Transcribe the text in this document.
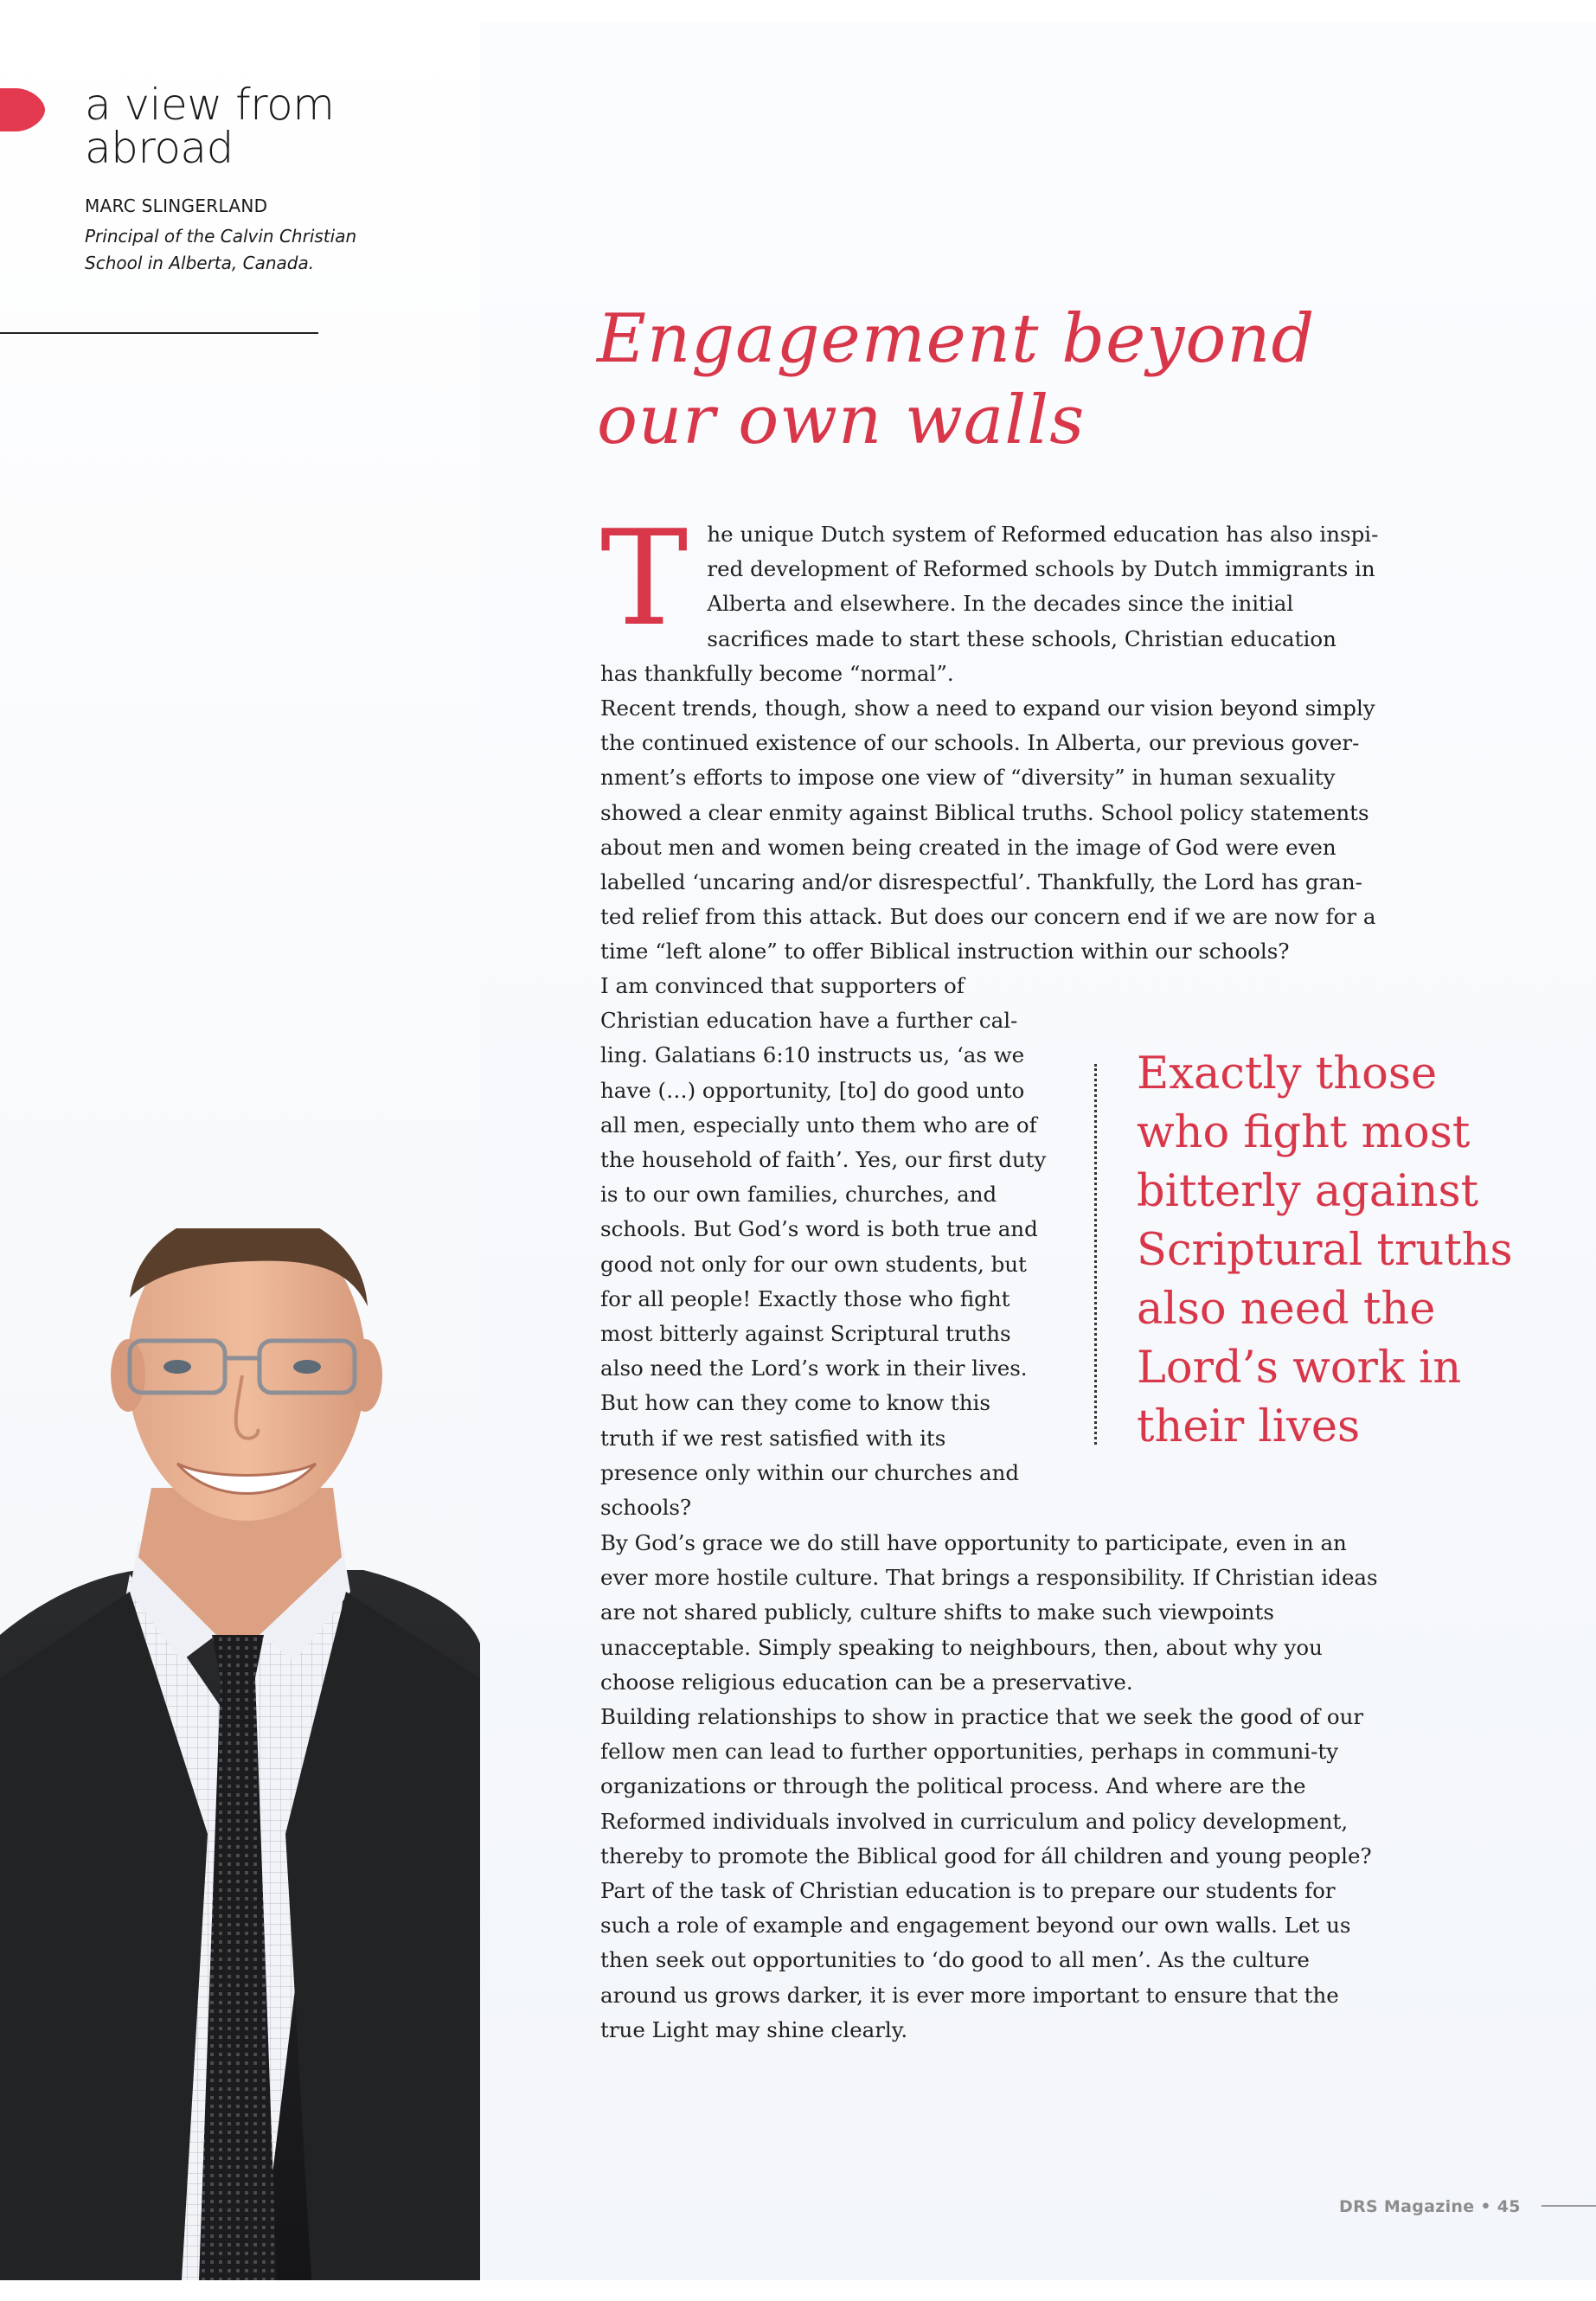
a view from
abroad
MARC SLINGERLAND
Principal of the Calvin Christian
School in Alberta, Canada.
Engagement beyond
our own walls
The unique Dutch system of Reformed education has also inspi-red development of Reformed schools by Dutch immigrants in Alberta and elsewhere. In the decades since the initial sacrifices made to start these schools, Christian education has thankfully become “normal”.
Recent trends, though, show a need to expand our vision beyond simply the continued existence of our schools. In Alberta, our previous gover-nment’s efforts to impose one view of “diversity” in human sexuality showed a clear enmity against Biblical truths. School policy statements about men and women being created in the image of God were even labelled ‘uncaring and/or disrespectful’. Thankfully, the Lord has gran-ted relief from this attack. But does our concern end if we are now for a time “left alone” to offer Biblical instruction within our schools?
I am convinced that supporters of Christian education have a further cal-ling. Galatians 6:10 instructs us, ‘as we have (…) opportunity, [to] do good unto all men, especially unto them who are of the household of faith’. Yes, our first duty is to our own families, churches, and schools. But God’s word is both true and good not only for our own students, but for all people! Exactly those who fight most bitterly against Scriptural truths also need the Lord’s work in their lives. But how can they come to know this truth if we rest satisfied with its presence only within our churches and schools?
Exactly those who fight most bitterly against Scriptural truths also need the Lord’s work in their lives
By God’s grace we do still have opportunity to participate, even in an ever more hostile culture. That brings a responsibility. If Christian ideas are not shared publicly, culture shifts to make such viewpoints unacceptable. Simply speaking to neighbours, then, about why you choose religious education can be a preservative.
Building relationships to show in practice that we seek the good of our fellow men can lead to further opportunities, perhaps in communi-ty organizations or through the political process. And where are the Reformed individuals involved in curriculum and policy development, thereby to promote the Biblical good for áll children and young people? Part of the task of Christian education is to prepare our students for such a role of example and engagement beyond our own walls. Let us then seek out opportunities to ‘do good to all men’. As the culture around us grows darker, it is ever more important to ensure that the true Light may shine clearly.
DRS Magazine • 45
